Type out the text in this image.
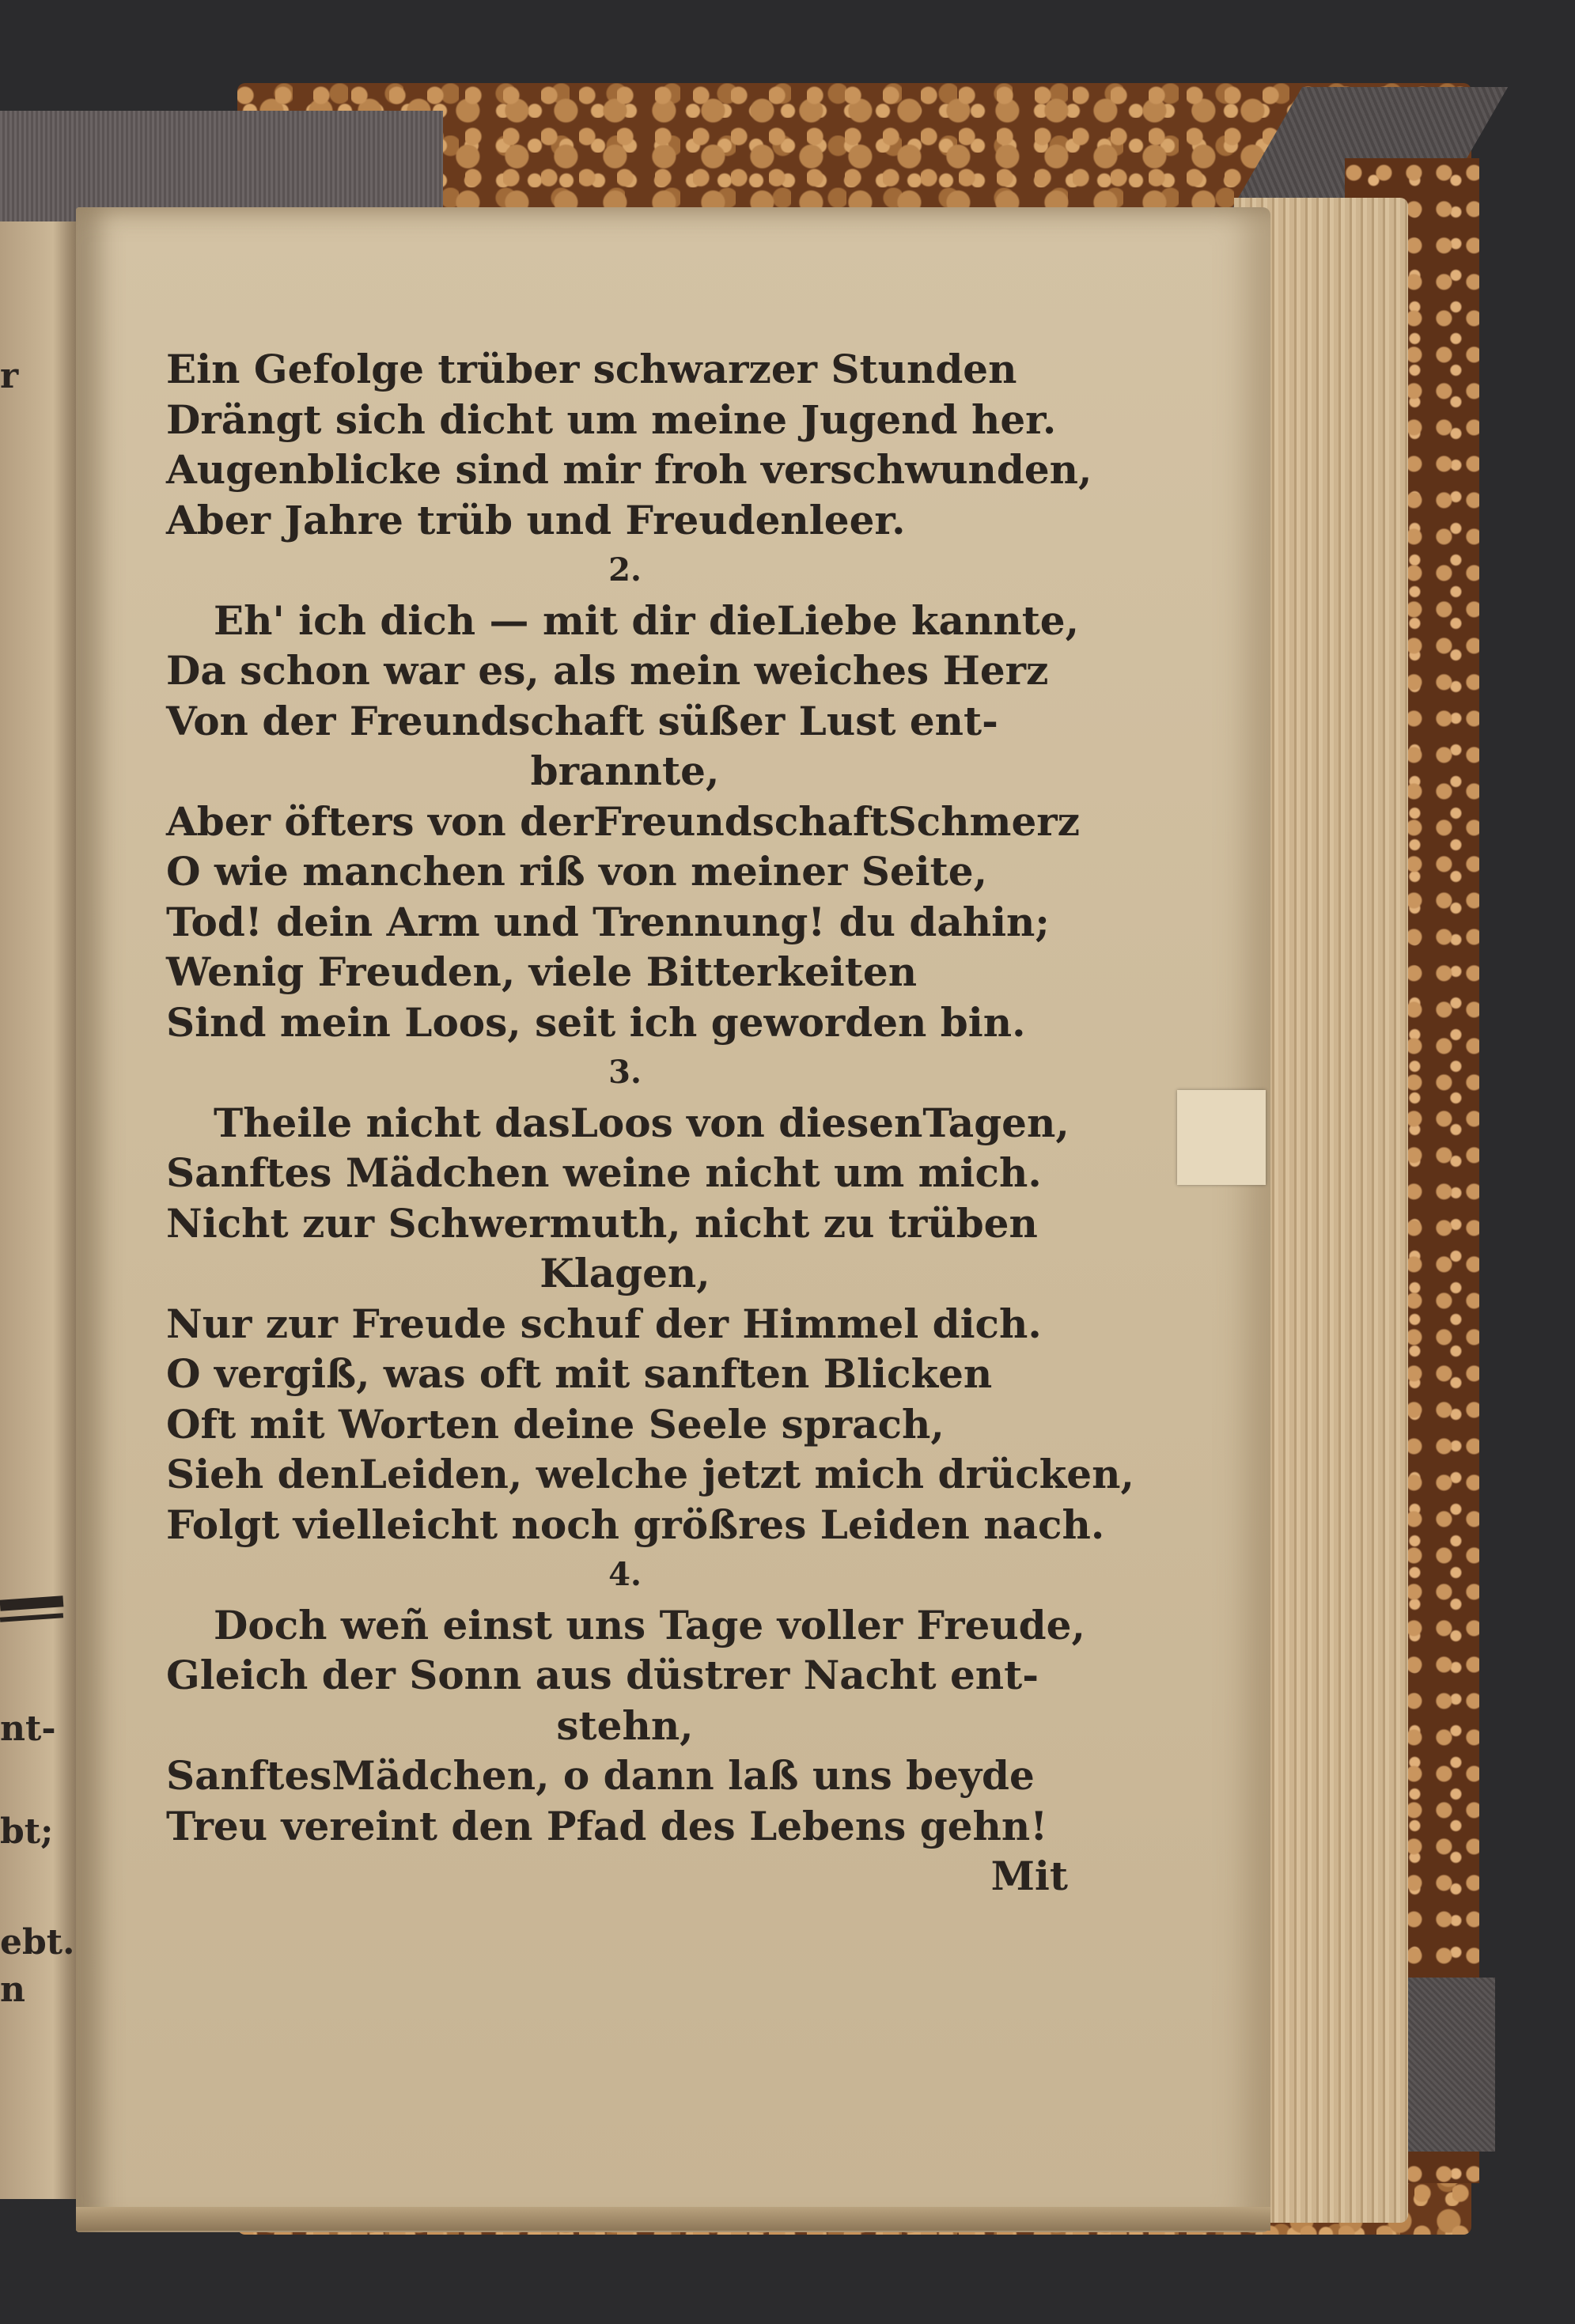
r
nt-
bt;
ebt.
n
Ein Gefolge trüber schwarzer Stunden
Drängt sich dicht um meine Jugend her.
Augenblicke sind mir froh verschwunden,
Aber Jahre trüb und Freudenleer.
2.
Eh' ich dich — mit dir dieLiebe kannte,
Da schon war es, als mein weiches Herz
Von der Freundschaft süßer Lust ent-
brannte,
Aber öfters von derFreundschaftSchmerz
O wie manchen riß von meiner Seite,
Tod! dein Arm und Trennung! du dahin;
Wenig Freuden, viele Bitterkeiten
Sind mein Loos, seit ich geworden bin.
3.
Theile nicht dasLoos von diesenTagen,
Sanftes Mädchen weine nicht um mich.
Nicht zur Schwermuth, nicht zu trüben
Klagen,
Nur zur Freude schuf der Himmel dich.
O vergiß, was oft mit sanften Blicken
Oft mit Worten deine Seele sprach,
Sieh denLeiden, welche jetzt mich drücken,
Folgt vielleicht noch größres Leiden nach.
4.
Doch weñ einst uns Tage voller Freude,
Gleich der Sonn aus düstrer Nacht ent-
stehn,
SanftesMädchen, o dann laß uns beyde
Treu vereint den Pfad des Lebens gehn!
Mit
